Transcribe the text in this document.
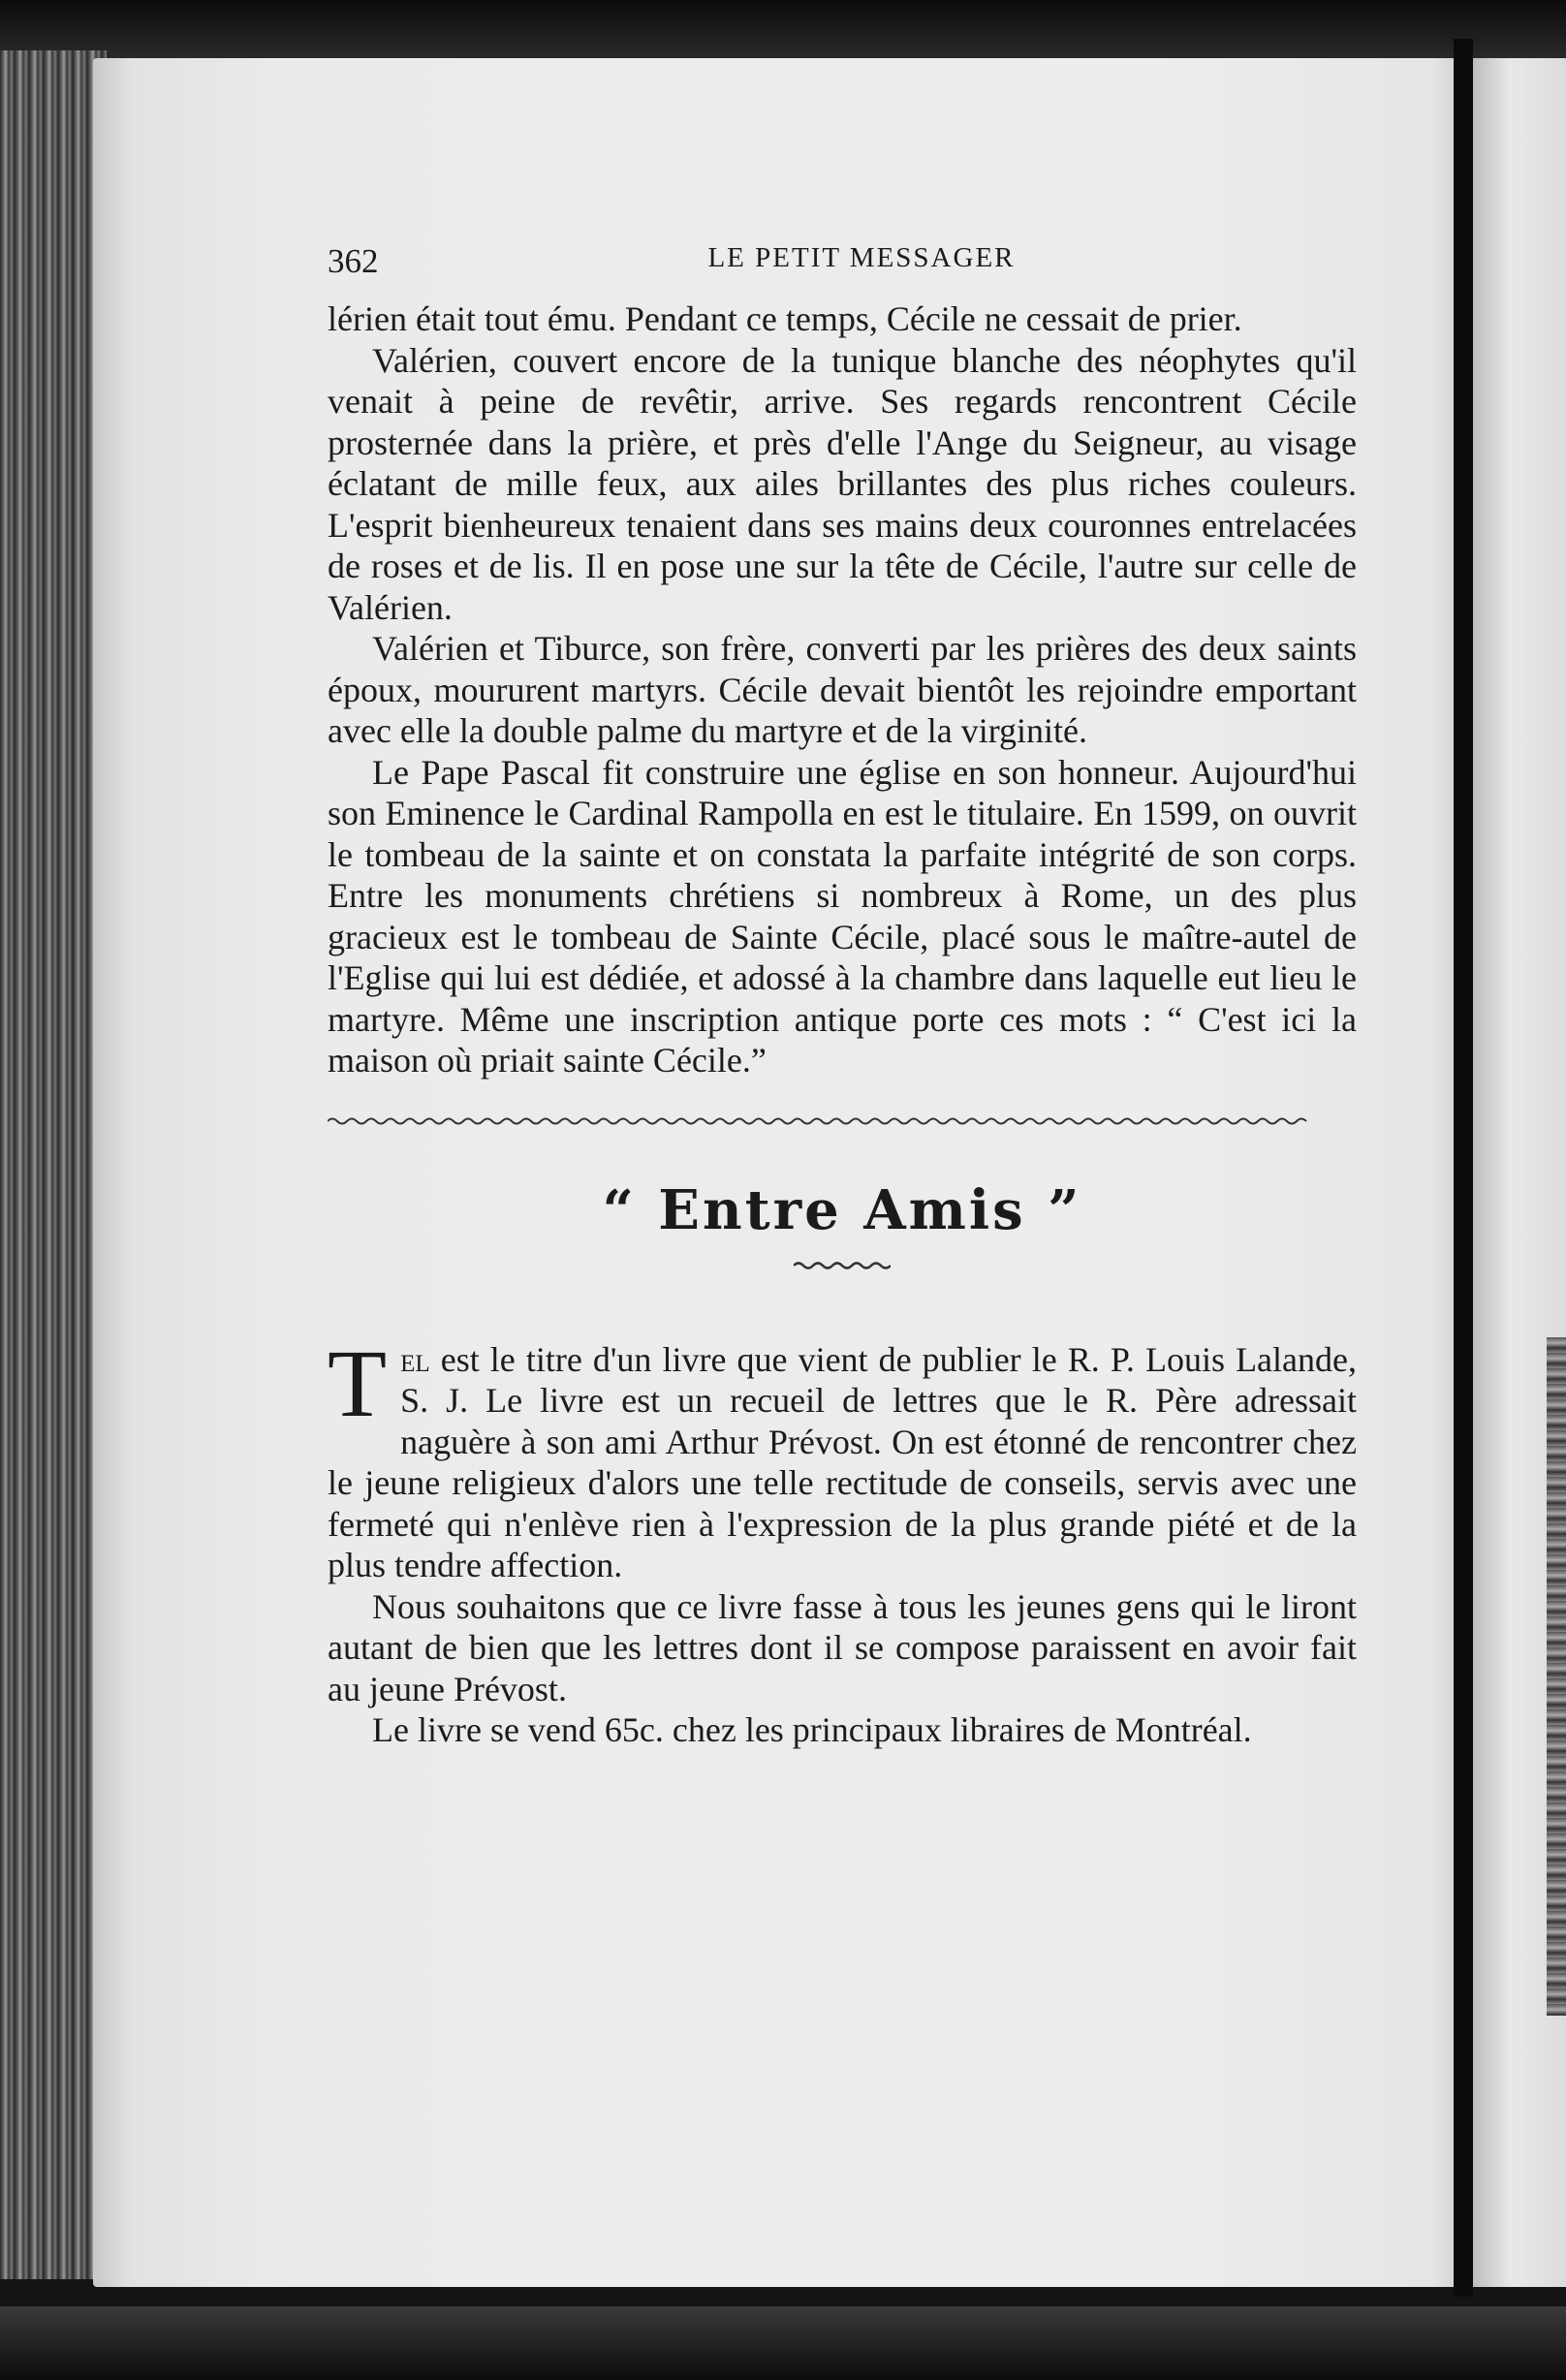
362	LE PETIT MESSAGER

lérien était tout ému. Pendant ce temps, Cécile ne cessait de prier.

Valérien, couvert encore de la tunique blanche des néophytes qu'il venait à peine de revêtir, arrive. Ses regards rencontrent Cécile prosternée dans la prière, et près d'elle l'Ange du Seigneur, au visage éclatant de mille feux, aux ailes brillantes des plus riches couleurs. L'esprit bienheureux tenaient dans ses mains deux couronnes entrelacées de roses et de lis. Il en pose une sur la tête de Cécile, l'autre sur celle de Valérien.

Valérien et Tiburce, son frère, converti par les prières des deux saints époux, moururent martyrs. Cécile devait bientôt les rejoindre emportant avec elle la double palme du martyre et de la virginité.

Le Pape Pascal fit construire une église en son honneur. Aujourd'hui son Eminence le Cardinal Rampolla en est le titulaire. En 1599, on ouvrit le tombeau de la sainte et on constata la parfaite intégrité de son corps. Entre les monuments chrétiens si nombreux à Rome, un des plus gracieux est le tombeau de Sainte Cécile, placé sous le maître-autel de l'Eglise qui lui est dédiée, et adossé à la chambre dans laquelle eut lieu le martyre. Même une inscription antique porte ces mots : “ C'est ici la maison où priait sainte Cécile.”

“ Entre Amis ”

Tel est le titre d'un livre que vient de publier le R. P. Louis Lalande, S. J. Le livre est un recueil de lettres que le R. Père adressait naguère à son ami Arthur Prévost. On est étonné de rencontrer chez le jeune religieux d'alors une telle rectitude de conseils, servis avec une fermeté qui n'enlève rien à l'expression de la plus grande piété et de la plus tendre affection.

Nous souhaitons que ce livre fasse à tous les jeunes gens qui le liront autant de bien que les lettres dont il se compose paraissent en avoir fait au jeune Prévost.

Le livre se vend 65c. chez les principaux libraires de Montréal.
